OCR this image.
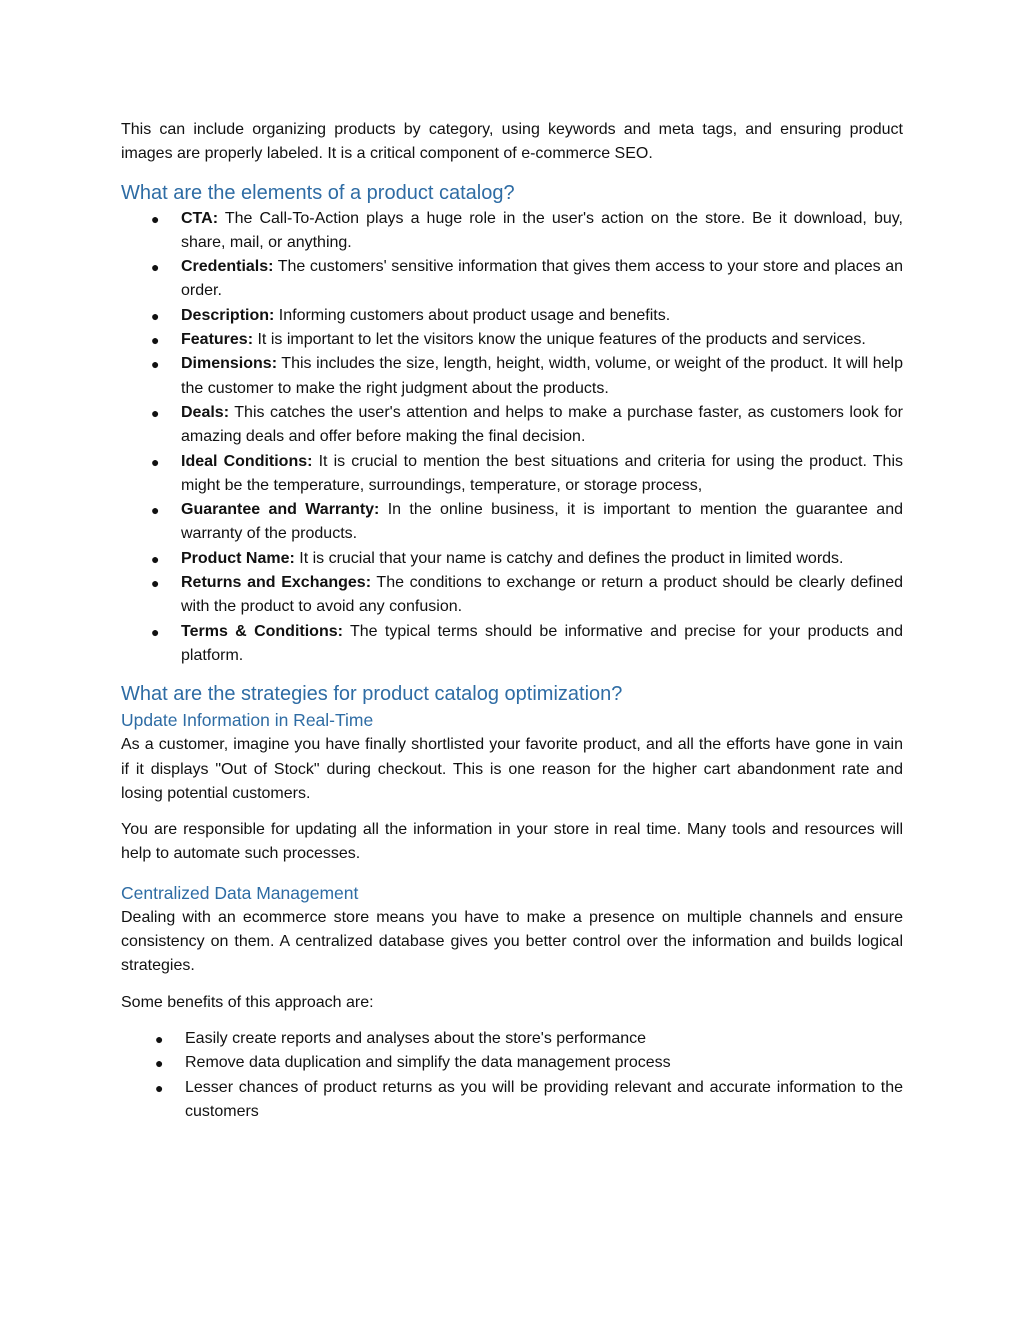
This can include organizing products by category, using keywords and meta tags, and ensuring product images are properly labeled. It is a critical component of e-commerce SEO.

What are the elements of a product catalog?
● CTA: The Call-To-Action plays a huge role in the user's action on the store. Be it download, buy, share, mail, or anything.
● Credentials: The customers' sensitive information that gives them access to your store and places an order.
● Description: Informing customers about product usage and benefits.
● Features: It is important to let the visitors know the unique features of the products and services.
● Dimensions: This includes the size, length, height, width, volume, or weight of the product. It will help the customer to make the right judgment about the products.
● Deals: This catches the user's attention and helps to make a purchase faster, as customers look for amazing deals and offer before making the final decision.
● Ideal Conditions: It is crucial to mention the best situations and criteria for using the product. This might be the temperature, surroundings, temperature, or storage process,
● Guarantee and Warranty: In the online business, it is important to mention the guarantee and warranty of the products.
● Product Name: It is crucial that your name is catchy and defines the product in limited words.
● Returns and Exchanges: The conditions to exchange or return a product should be clearly defined with the product to avoid any confusion.
● Terms & Conditions: The typical terms should be informative and precise for your products and platform.
What are the strategies for product catalog optimization?
Update Information in Real-Time

As a customer, imagine you have finally shortlisted your favorite product, and all the efforts have gone in vain if it displays "Out of Stock" during checkout. This is one reason for the higher cart abandonment rate and losing potential customers.

You are responsible for updating all the information in your store in real time. Many tools and resources will help to automate such processes.

Centralized Data Management

Dealing with an ecommerce store means you have to make a presence on multiple channels and ensure consistency on them. A centralized database gives you better control over the information and builds logical strategies.

Some benefits of this approach are:

● Easily create reports and analyses about the store's performance
● Remove data duplication and simplify the data management process
● Lesser chances of product returns as you will be providing relevant and accurate information to the customers
